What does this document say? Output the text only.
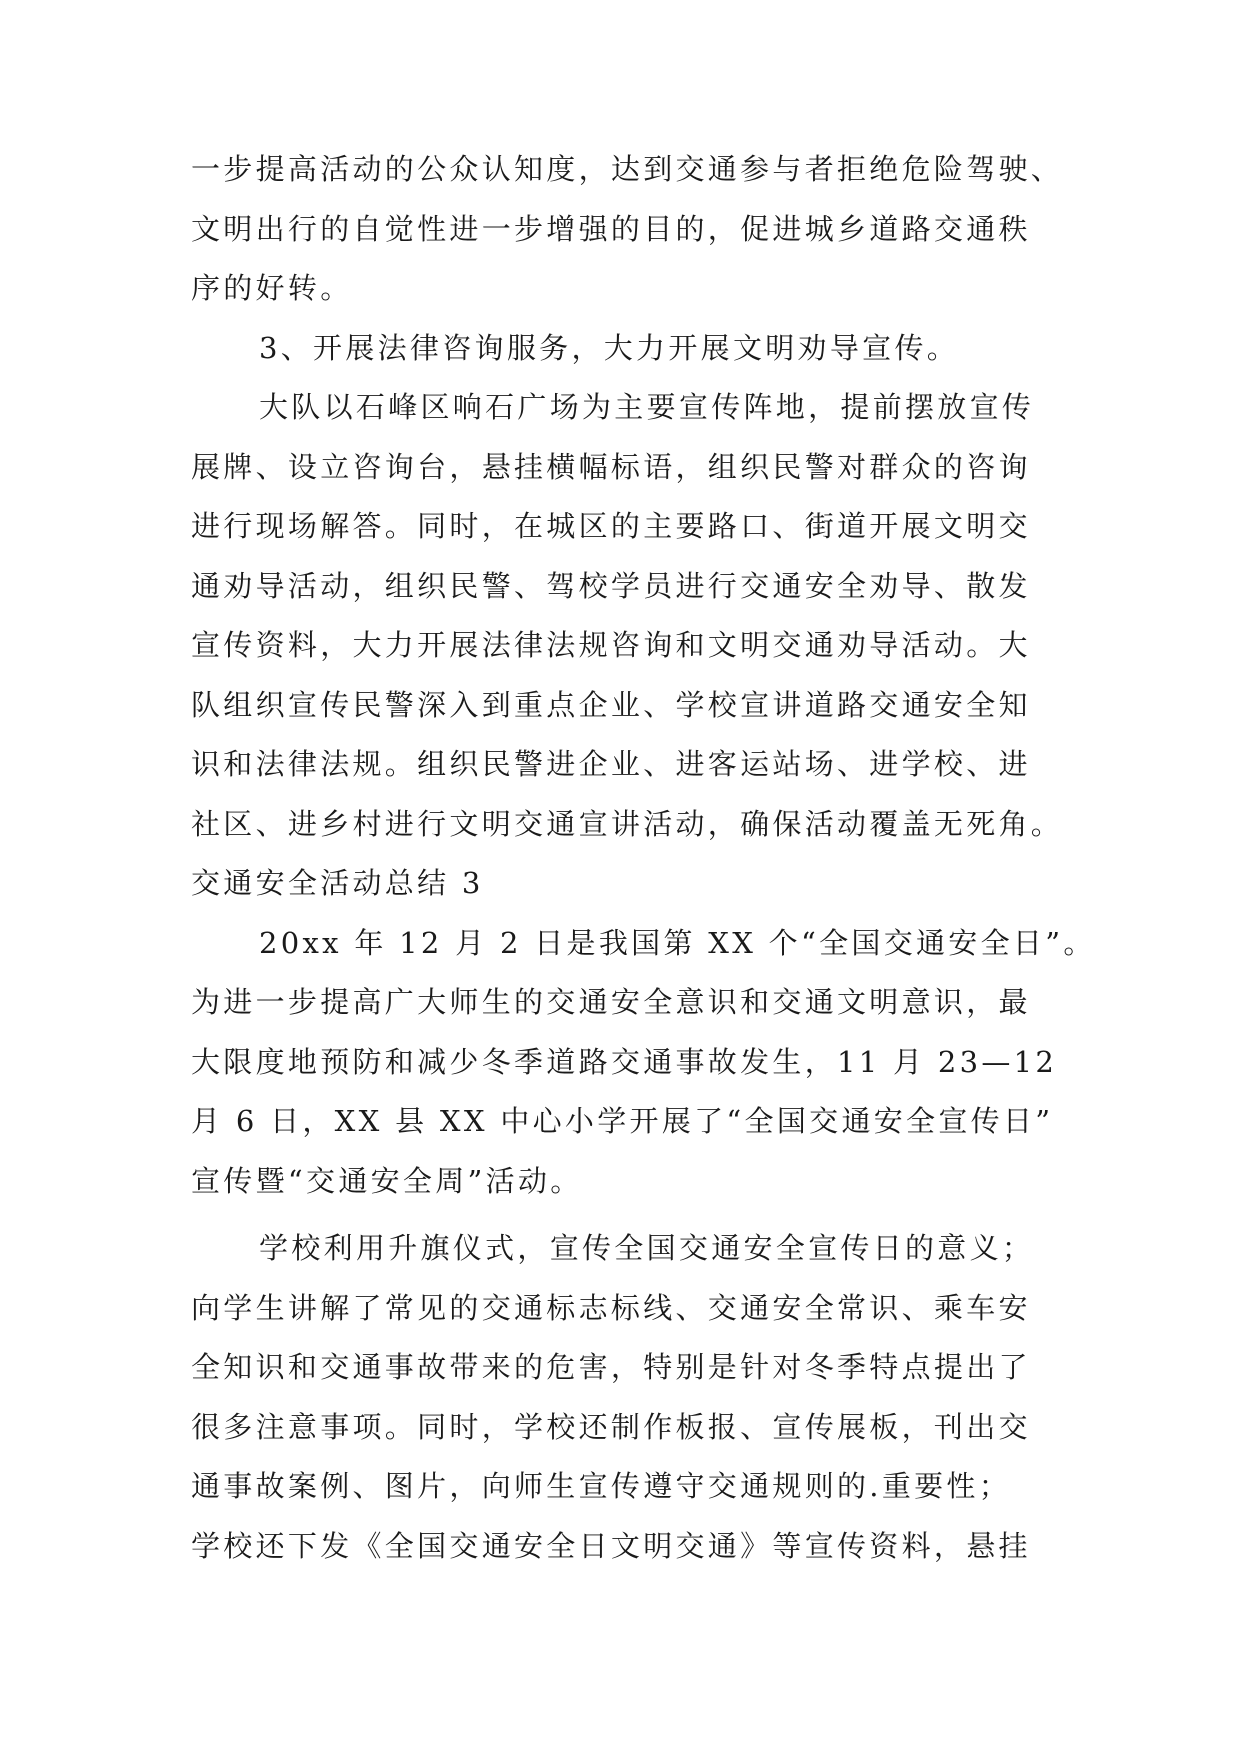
一步提高活动的公众认知度，达到交通参与者拒绝危险驾驶、
文明出行的自觉性进一步增强的目的，促进城乡道路交通秩
序的好转。
3、开展法律咨询服务，大力开展文明劝导宣传。
大队以石峰区响石广场为主要宣传阵地，提前摆放宣传
展牌、设立咨询台，悬挂横幅标语，组织民警对群众的咨询
进行现场解答。同时，在城区的主要路口、街道开展文明交
通劝导活动，组织民警、驾校学员进行交通安全劝导、散发
宣传资料，大力开展法律法规咨询和文明交通劝导活动。大
队组织宣传民警深入到重点企业、学校宣讲道路交通安全知
识和法律法规。组织民警进企业、进客运站场、进学校、进
社区、进乡村进行文明交通宣讲活动，确保活动覆盖无死角。
交通安全活动总结 3
20xx 年 12 月 2 日是我国第 XX 个“全国交通安全日”。
为进一步提高广大师生的交通安全意识和交通文明意识，最
大限度地预防和减少冬季道路交通事故发生，11 月 23—12
月 6 日，XX 县 XX 中心小学开展了“全国交通安全宣传日”
宣传暨“交通安全周”活动。
学校利用升旗仪式，宣传全国交通安全宣传日的意义；
向学生讲解了常见的交通标志标线、交通安全常识、乘车安
全知识和交通事故带来的危害，特别是针对冬季特点提出了
很多注意事项。同时，学校还制作板报、宣传展板，刊出交
通事故案例、图片，向师生宣传遵守交通规则的.重要性；
学校还下发《全国交通安全日文明交通》等宣传资料，悬挂
